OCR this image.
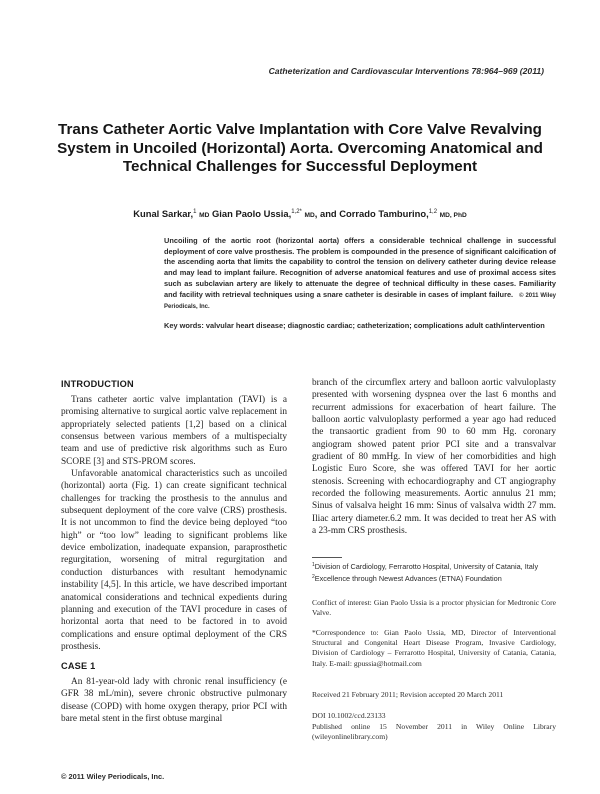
Catheterization and Cardiovascular Interventions 78:964–969 (2011)
Trans Catheter Aortic Valve Implantation with Core Valve Revalving System in Uncoiled (Horizontal) Aorta. Overcoming Anatomical and Technical Challenges for Successful Deployment
Kunal Sarkar,$^1$ MD Gian Paolo Ussia,$^{1,2*}$ MD, and Corrado Tamburino,$^{1,2}$ MD, PhD

Uncoiling of the aortic root (horizontal aorta) offers a considerable technical challenge in successful deployment of core valve prosthesis. The problem is compounded in the presence of significant calcification of the ascending aorta that limits the capability to control the tension on delivery catheter during device release and may lead to implant failure. Recognition of adverse anatomical features and use of proximal access sites such as subclavian artery are likely to attenuate the degree of technical difficulty in these cases. Familiarity and facility with retrieval techniques using a snare catheter is desirable in cases of implant failure. © 2011 Wiley Periodicals, Inc.

Key words: valvular heart disease; diagnostic cardiac; catheterization; complications adult cath/intervention

INTRODUCTION

Trans catheter aortic valve implantation (TAVI) is a promising alternative to surgical aortic valve replacement in appropriately selected patients [1,2] based on a clinical consensus between various members of a multispecialty team and use of predictive risk algorithms such as Euro SCORE [3] and STS-PROM scores.

Unfavorable anatomical characteristics such as uncoiled (horizontal) aorta (Fig. 1) can create significant technical challenges for tracking the prosthesis to the annulus and subsequent deployment of the core valve (CRS) prosthesis. It is not uncommon to find the device being deployed “too high” or “too low” leading to significant problems like device embolization, inadequate expansion, paraprosthetic regurgitation, worsening of mitral regurgitation and conduction disturbances with resultant hemodynamic instability [4,5]. In this article, we have described important anatomical considerations and technical expedients during planning and execution of the TAVI procedure in cases of horizontal aorta that need to be factored in to avoid complications and ensure optimal deployment of the CRS prosthesis.

CASE 1

An 81-year-old lady with chronic renal insufficiency (e GFR 38 mL/min), severe chronic obstructive pulmonary disease (COPD) with home oxygen therapy, prior PCI with bare metal stent in the first obtuse marginal

branch of the circumflex artery and balloon aortic valvuloplasty presented with worsening dyspnea over the last 6 months and recurrent admissions for exacerbation of heart failure. The balloon aortic valvuloplasty performed a year ago had reduced the transaortic gradient from 90 to 60 mm Hg. coronary angiogram showed patent prior PCI site and a transvalvar gradient of 80 mmHg. In view of her comorbidities and high Logistic Euro Score, she was offered TAVI for her aortic stenosis. Screening with echocardiography and CT angiography recorded the following measurements. Aortic annulus 21 mm; Sinus of valsalva height 16 mm: Sinus of valsalva width 27 mm. Iliac artery diameter.6.2 mm. It was decided to treat her AS with a 23-mm CRS prosthesis.

$^1$Division of Cardiology, Ferrarotto Hospital, University of Catania, Italy

$^2$Excellence through Newest Advances (ETNA) Foundation

Conflict of interest: Gian Paolo Ussia is a proctor physician for Medtronic Core Valve.

*Correspondence to: Gian Paolo Ussia, MD, Director of Interventional Structural and Congenital Heart Disease Program, Invasive Cardiology, Division of Cardiology – Ferrarotto Hospital, University of Catania, Catania, Italy. E-mail: gpussia@hotmail.com

Received 21 February 2011; Revision accepted 20 March 2011

DOI 10.1002/ccd.23133

Published online 15 November 2011 in Wiley Online Library (wileyonlinelibrary.com)

© 2011 Wiley Periodicals, Inc.
